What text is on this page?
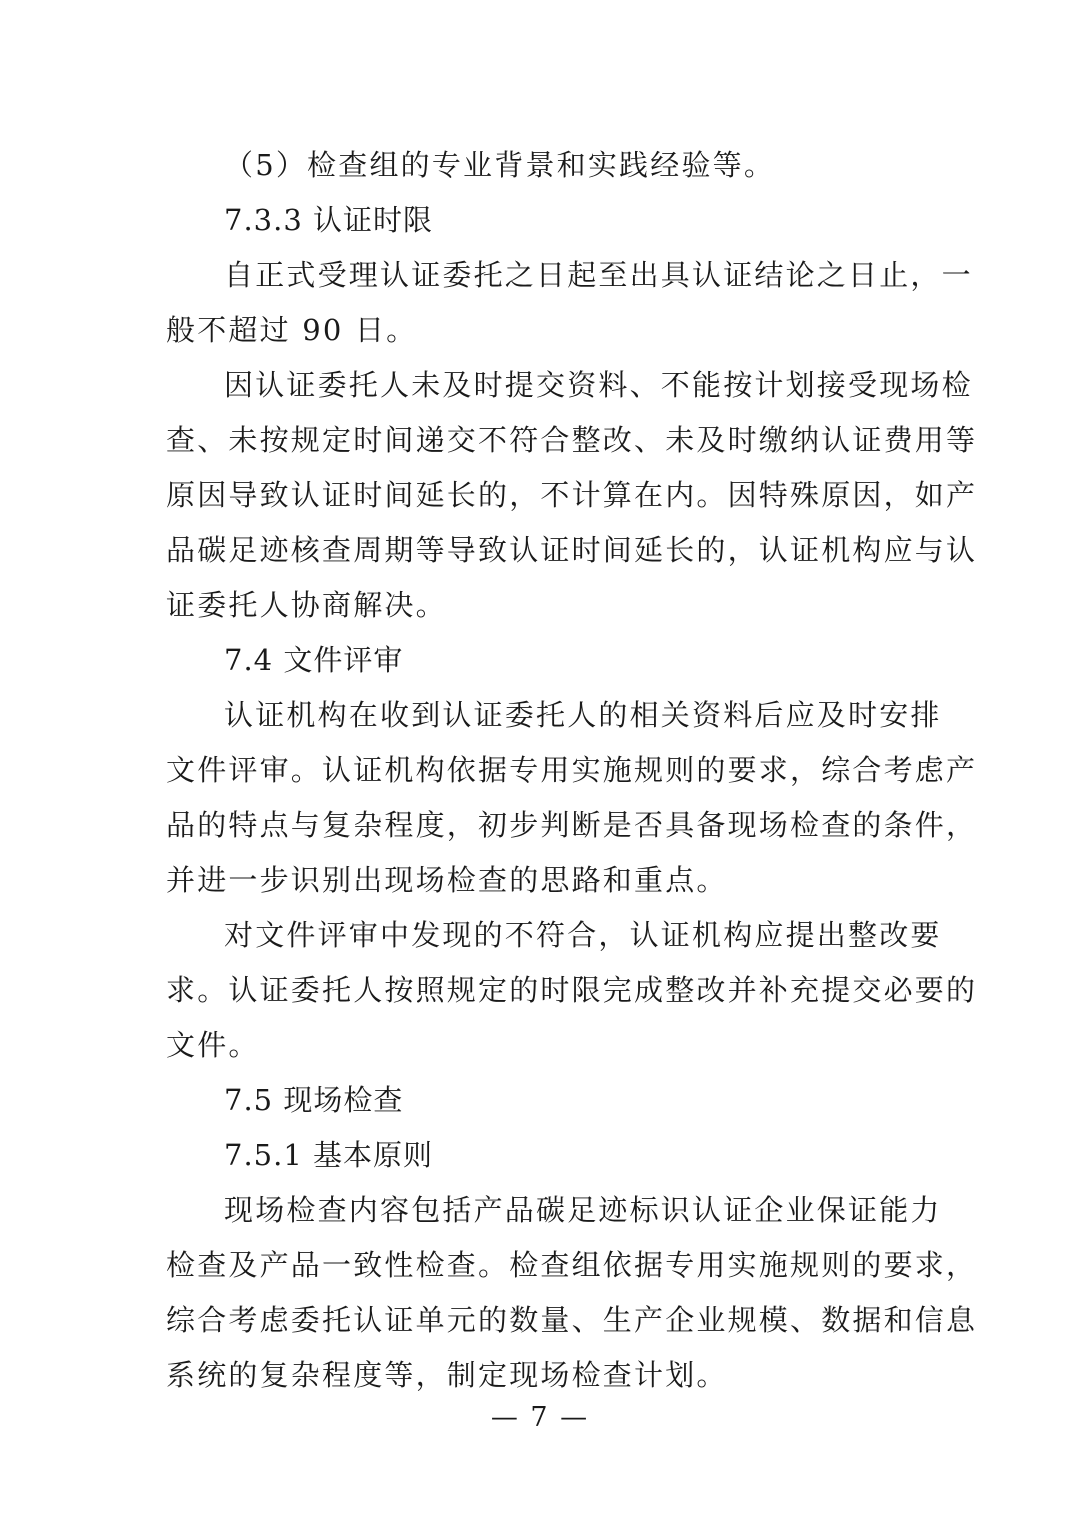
（5）检查组的专业背景和实践经验等。
7.3.3 认证时限
自正式受理认证委托之日起至出具认证结论之日止，一
般不超过 90 日。
因认证委托人未及时提交资料、不能按计划接受现场检
查、未按规定时间递交不符合整改、未及时缴纳认证费用等
原因导致认证时间延长的，不计算在内。因特殊原因，如产
品碳足迹核查周期等导致认证时间延长的，认证机构应与认
证委托人协商解决。
7.4 文件评审
认证机构在收到认证委托人的相关资料后应及时安排
文件评审。认证机构依据专用实施规则的要求，综合考虑产
品的特点与复杂程度，初步判断是否具备现场检查的条件，
并进一步识别出现场检查的思路和重点。
对文件评审中发现的不符合，认证机构应提出整改要
求。认证委托人按照规定的时限完成整改并补充提交必要的
文件。
7.5 现场检查
7.5.1 基本原则
现场检查内容包括产品碳足迹标识认证企业保证能力
检查及产品一致性检查。检查组依据专用实施规则的要求，
综合考虑委托认证单元的数量、生产企业规模、数据和信息
系统的复杂程度等，制定现场检查计划。
— 7 —
